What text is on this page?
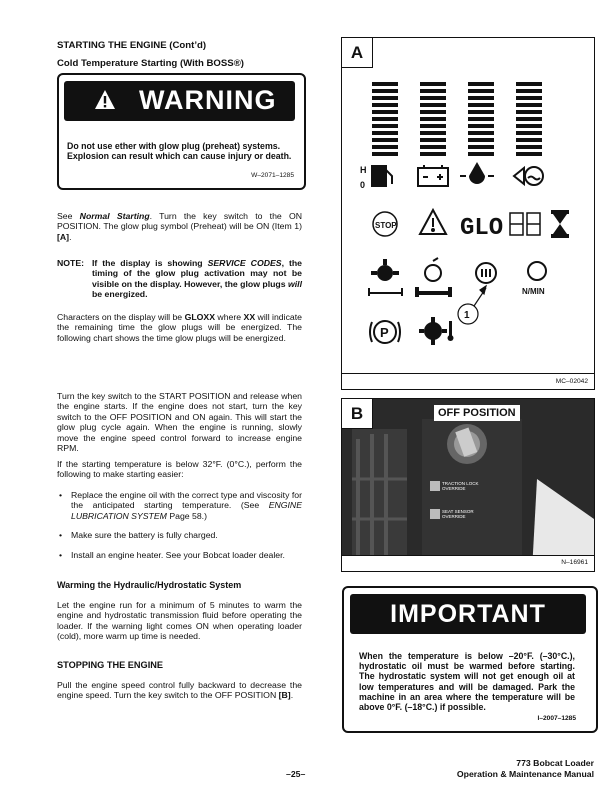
STARTING THE ENGINE (Cont’d)
Cold Temperature Starting (With BOSS®)
WARNING
Do not use ether with glow plug (preheat) systems. Explosion can result which can cause injury or death.
W–2071–1285
See Normal Starting. Turn the key switch to the ON POSITION. The glow plug symbol (Preheat) will be ON (Item 1) [A].
NOTE: If the display is showing SERVICE CODES, the timing of the glow plug activation may not be visible on the display. However, the glow plugs will be energized.
Characters on the display will be GLOXX where XX will indicate the remaining time the glow plugs will be energized. The following chart shows the time glow plugs will be energized.
Turn the key switch to the START POSITION and release when the engine starts. If the engine does not start, turn the key switch to the OFF POSITION and ON again. This will start the glow plug cycle again. When the engine is running, slowly move the engine speed control forward to increase engine RPM.
If the starting temperature is below 32°F. (0°C.), perform the following to make starting easier:
• Replace the engine oil with the correct type and viscosity for the anticipated starting temperature. (See ENGINE LUBRICATION SYSTEM Page 58.)
• Make sure the battery is fully charged.
• Install an engine heater. See your Bobcat loader dealer.
Warming the Hydraulic/Hydrostatic System
Let the engine run for a minimum of 5 minutes to warm the engine and hydrostatic transmission fluid before operating the loader. If the warning light comes ON when operating loader (cold), more warm up time is needed.
STOPPING THE ENGINE
Pull the engine speed control fully backward to decrease the engine speed. Turn the key switch to the OFF POSITION [B].
A
H
0
STOP	GLO
N/MIN
1
P
MC–02042
B	OFF POSITION
TRACTION LOCK OVERRIDE
SEAT SENSOR OVERRIDE
N–16961
IMPORTANT
When the temperature is below –20°F. (–30°C.), hydrostatic oil must be warmed before starting. The hydrostatic system will not get enough oil at low temperatures and will be damaged. Park the machine in an area where the temperature will be above 0°F. (–18°C.) if possible.
I–2007–1285
–25–
773 Bobcat Loader
Operation & Maintenance Manual
